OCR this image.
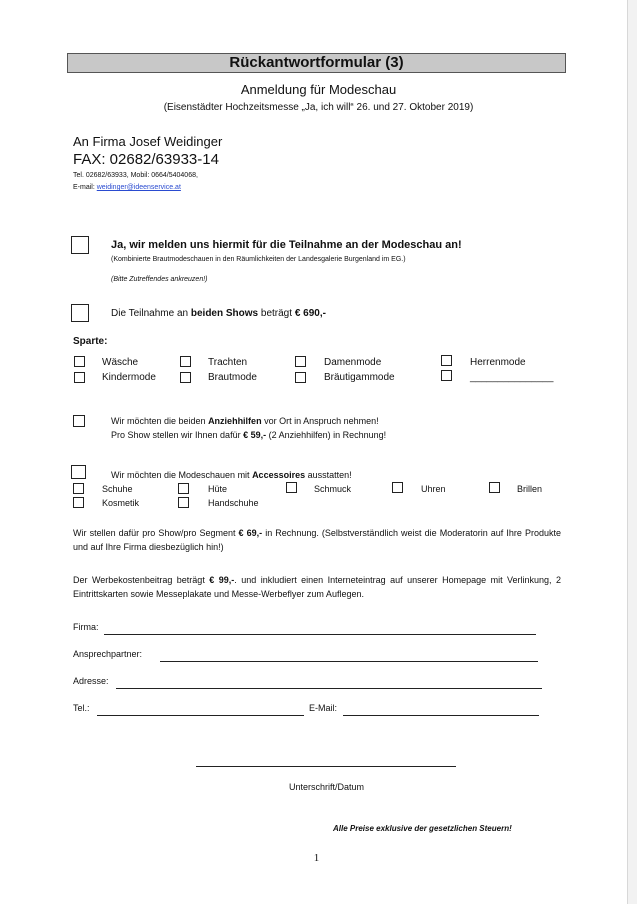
Rückantwortformular (3)
Anmeldung für Modeschau
(Eisenstädter Hochzeitsmesse „Ja, ich will“ 26. und 27. Oktober 2019)
An Firma Josef Weidinger
FAX: 02682/63933-14
Tel. 02682/63933, Mobil: 0664/5404068,
E-mail: weidinger@ideenservice.at
Ja, wir melden uns hiermit für die Teilnahme an der Modeschau an!
(Kombinierte Brautmodeschauen in den Räumlichkeiten der Landesgalerie Burgenland im EG.)
(Bitte Zutreffendes ankreuzen!)
Die Teilnahme an beiden Shows beträgt € 690,-
Sparte:
Wäsche	Trachten	Damenmode	Herrenmode
Kindermode	Brautmode	Bräutigammode	_______________
Wir möchten die beiden Anziehhilfen vor Ort in Anspruch nehmen!
Pro Show stellen wir Ihnen dafür € 59,- (2 Anziehhilfen) in Rechnung!
Wir möchten die Modeschauen mit Accessoires ausstatten!
Schuhe	Hüte	Schmuck	Uhren	Brillen
Kosmetik	Handschuhe
Wir stellen dafür pro Show/pro Segment € 69,- in Rechnung. (Selbstverständlich weist die Moderatorin auf Ihre Produkte und auf Ihre Firma diesbezüglich hin!)
Der Werbekostenbeitrag beträgt € 99,-. und inkludiert einen Interneteintrag auf unserer Homepage mit Verlinkung, 2 Eintrittskarten sowie Messeplakate und Messe-Werbeflyer zum Auflegen.
Firma:
Ansprechpartner:
Adresse:
Tel.:	E-Mail:
Unterschrift/Datum
Alle Preise exklusive der gesetzlichen Steuern!
1
